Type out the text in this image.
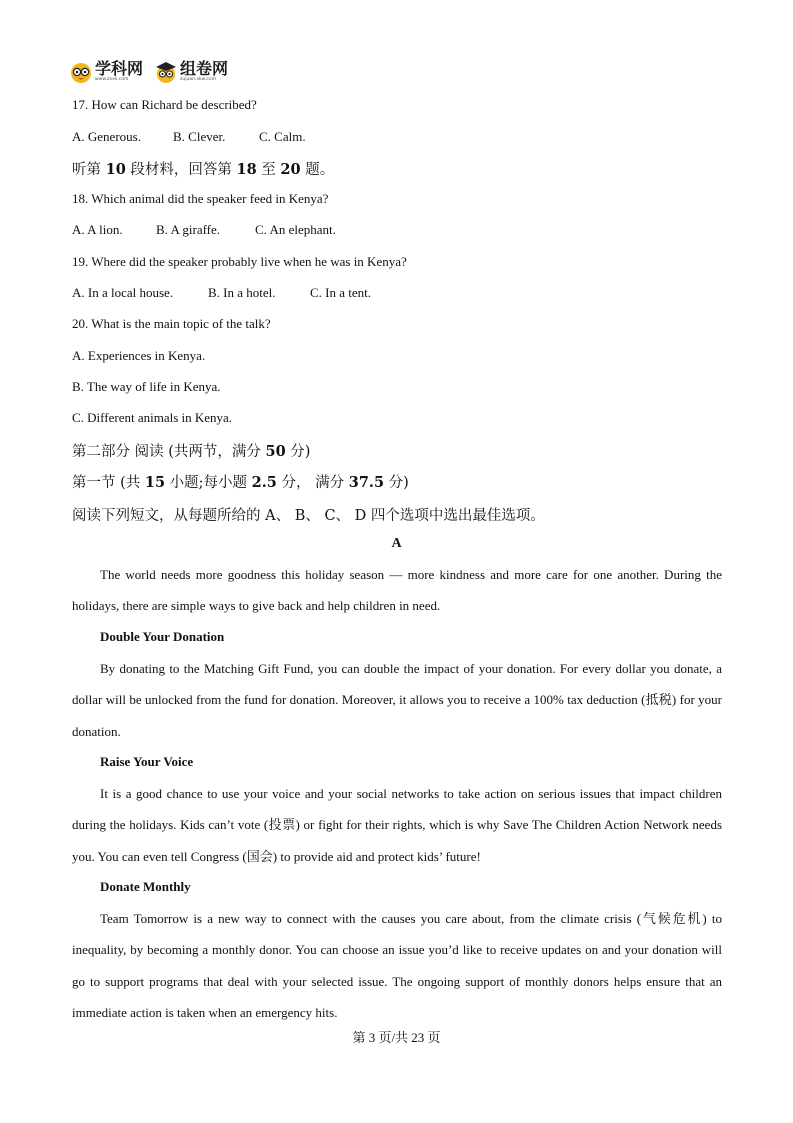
学科网
www.zxxk.com
组卷网
zujuan.xkw.com
17. How can Richard be described?
A. Generous. B. Clever.	C. Calm.
听第 10 段材料，回答第 18 至 20 题。
18. Which animal did the speaker feed in Kenya?
A. A lion.	B. A giraffe.	C. An elephant.
19. Where did the speaker probably live when he was in Kenya?
A. In a local house.	B. In a hotel.	C. In a tent.
20. What is the main topic of the talk?
A. Experiences in Kenya.
B. The way of life in Kenya.
C. Different animals in Kenya.
第二部分 阅读 (共两节，满分 50 分)
第一节 (共 15 小题;每小题 2.5 分， 满分 37.5 分)
阅读下列短文，从每题所给的 A、 B、 C、 D 四个选项中选出最佳选项。
A
The world needs more goodness this holiday season — more kindness and more care for one another. During the holidays, there are simple ways to give back and help children in need.
Double Your Donation
By donating to the Matching Gift Fund, you can double the impact of your donation. For every dollar you donate, a dollar will be unlocked from the fund for donation. Moreover, it allows you to receive a 100% tax deduction (抵税) for your donation.
Raise Your Voice
It is a good chance to use your voice and your social networks to take action on serious issues that impact children during the holidays. Kids can’t vote (投票) or fight for their rights, which is why Save The Children Action Network needs you. You can even tell Congress (国会) to provide aid and protect kids’ future!
Donate Monthly
Team Tomorrow is a new way to connect with the causes you care about, from the climate crisis (气候危机) to inequality, by becoming a monthly donor. You can choose an issue you’d like to receive updates on and your donation will go to support programs that deal with your selected issue. The ongoing support of monthly donors helps ensure that an immediate action is taken when an emergency hits.
第 3 页/共 23 页
